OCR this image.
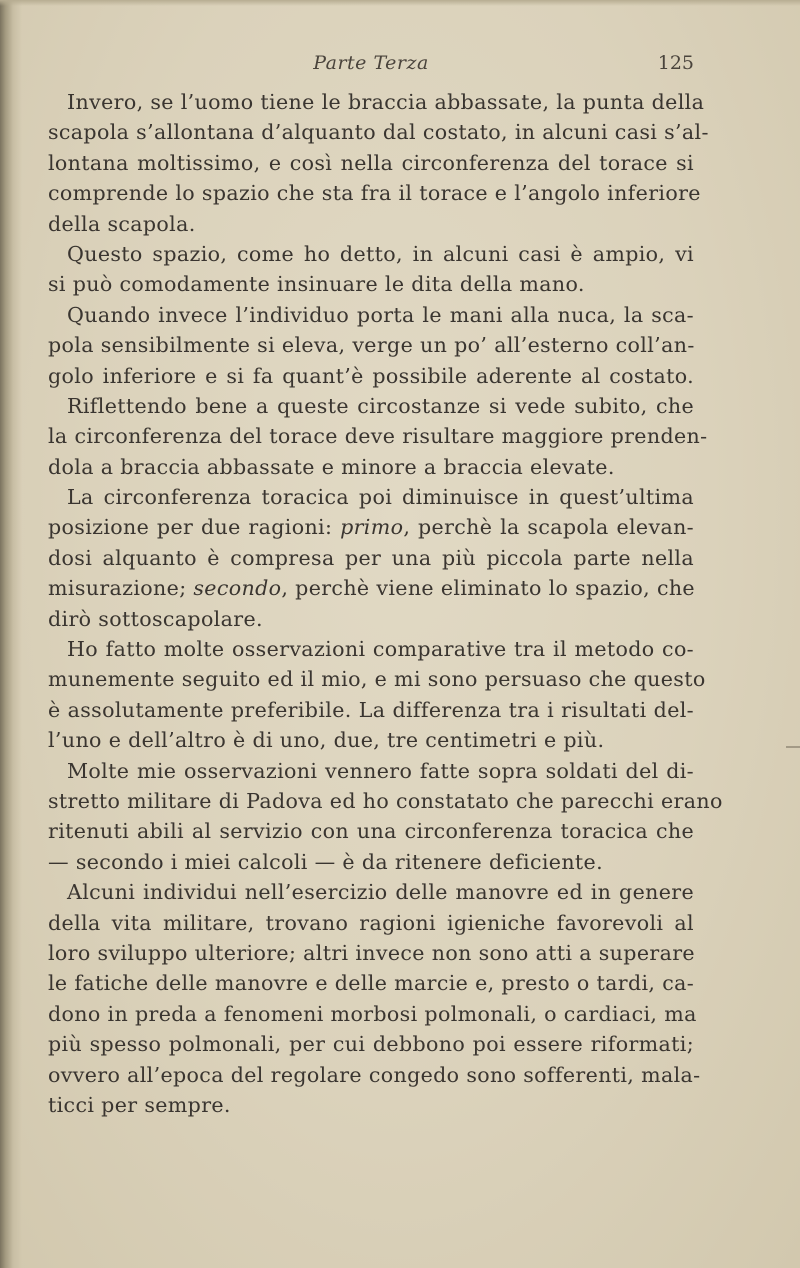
Parte Terza	125
Invero, se l’uomo tiene le braccia abbassate, la punta della
scapola s’allontana d’alquanto dal costato, in alcuni casi s’al-
lontana moltissimo, e così nella circonferenza del torace si
comprende lo spazio che sta fra il torace e l’angolo inferiore
della scapola.
Questo spazio, come ho detto, in alcuni casi è ampio, vi
si può comodamente insinuare le dita della mano.
Quando invece l’individuo porta le mani alla nuca, la sca-
pola sensibilmente si eleva, verge un po’ all’esterno coll’an-
golo inferiore e si fa quant’è possibile aderente al costato.
Riflettendo bene a queste circostanze si vede subito, che
la circonferenza del torace deve risultare maggiore prenden-
dola a braccia abbassate e minore a braccia elevate.
La circonferenza toracica poi diminuisce in quest’ultima
posizione per due ragioni: primo, perchè la scapola elevan-
dosi alquanto è compresa per una più piccola parte nella
misurazione; secondo, perchè viene eliminato lo spazio, che
dirò sottoscapolare.
Ho fatto molte osservazioni comparative tra il metodo co-
munemente seguito ed il mio, e mi sono persuaso che questo
è assolutamente preferibile. La differenza tra i risultati del-
l’uno e dell’altro è di uno, due, tre centimetri e più.
Molte mie osservazioni vennero fatte sopra soldati del di-
stretto militare di Padova ed ho constatato che parecchi erano
ritenuti abili al servizio con una circonferenza toracica che
— secondo i miei calcoli — è da ritenere deficiente.
Alcuni individui nell’esercizio delle manovre ed in genere
della vita militare, trovano ragioni igieniche favorevoli al
loro sviluppo ulteriore; altri invece non sono atti a superare
le fatiche delle manovre e delle marcie e, presto o tardi, ca-
dono in preda a fenomeni morbosi polmonali, o cardiaci, ma
più spesso polmonali, per cui debbono poi essere riformati;
ovvero all’epoca del regolare congedo sono sofferenti, mala-
ticci per sempre.
